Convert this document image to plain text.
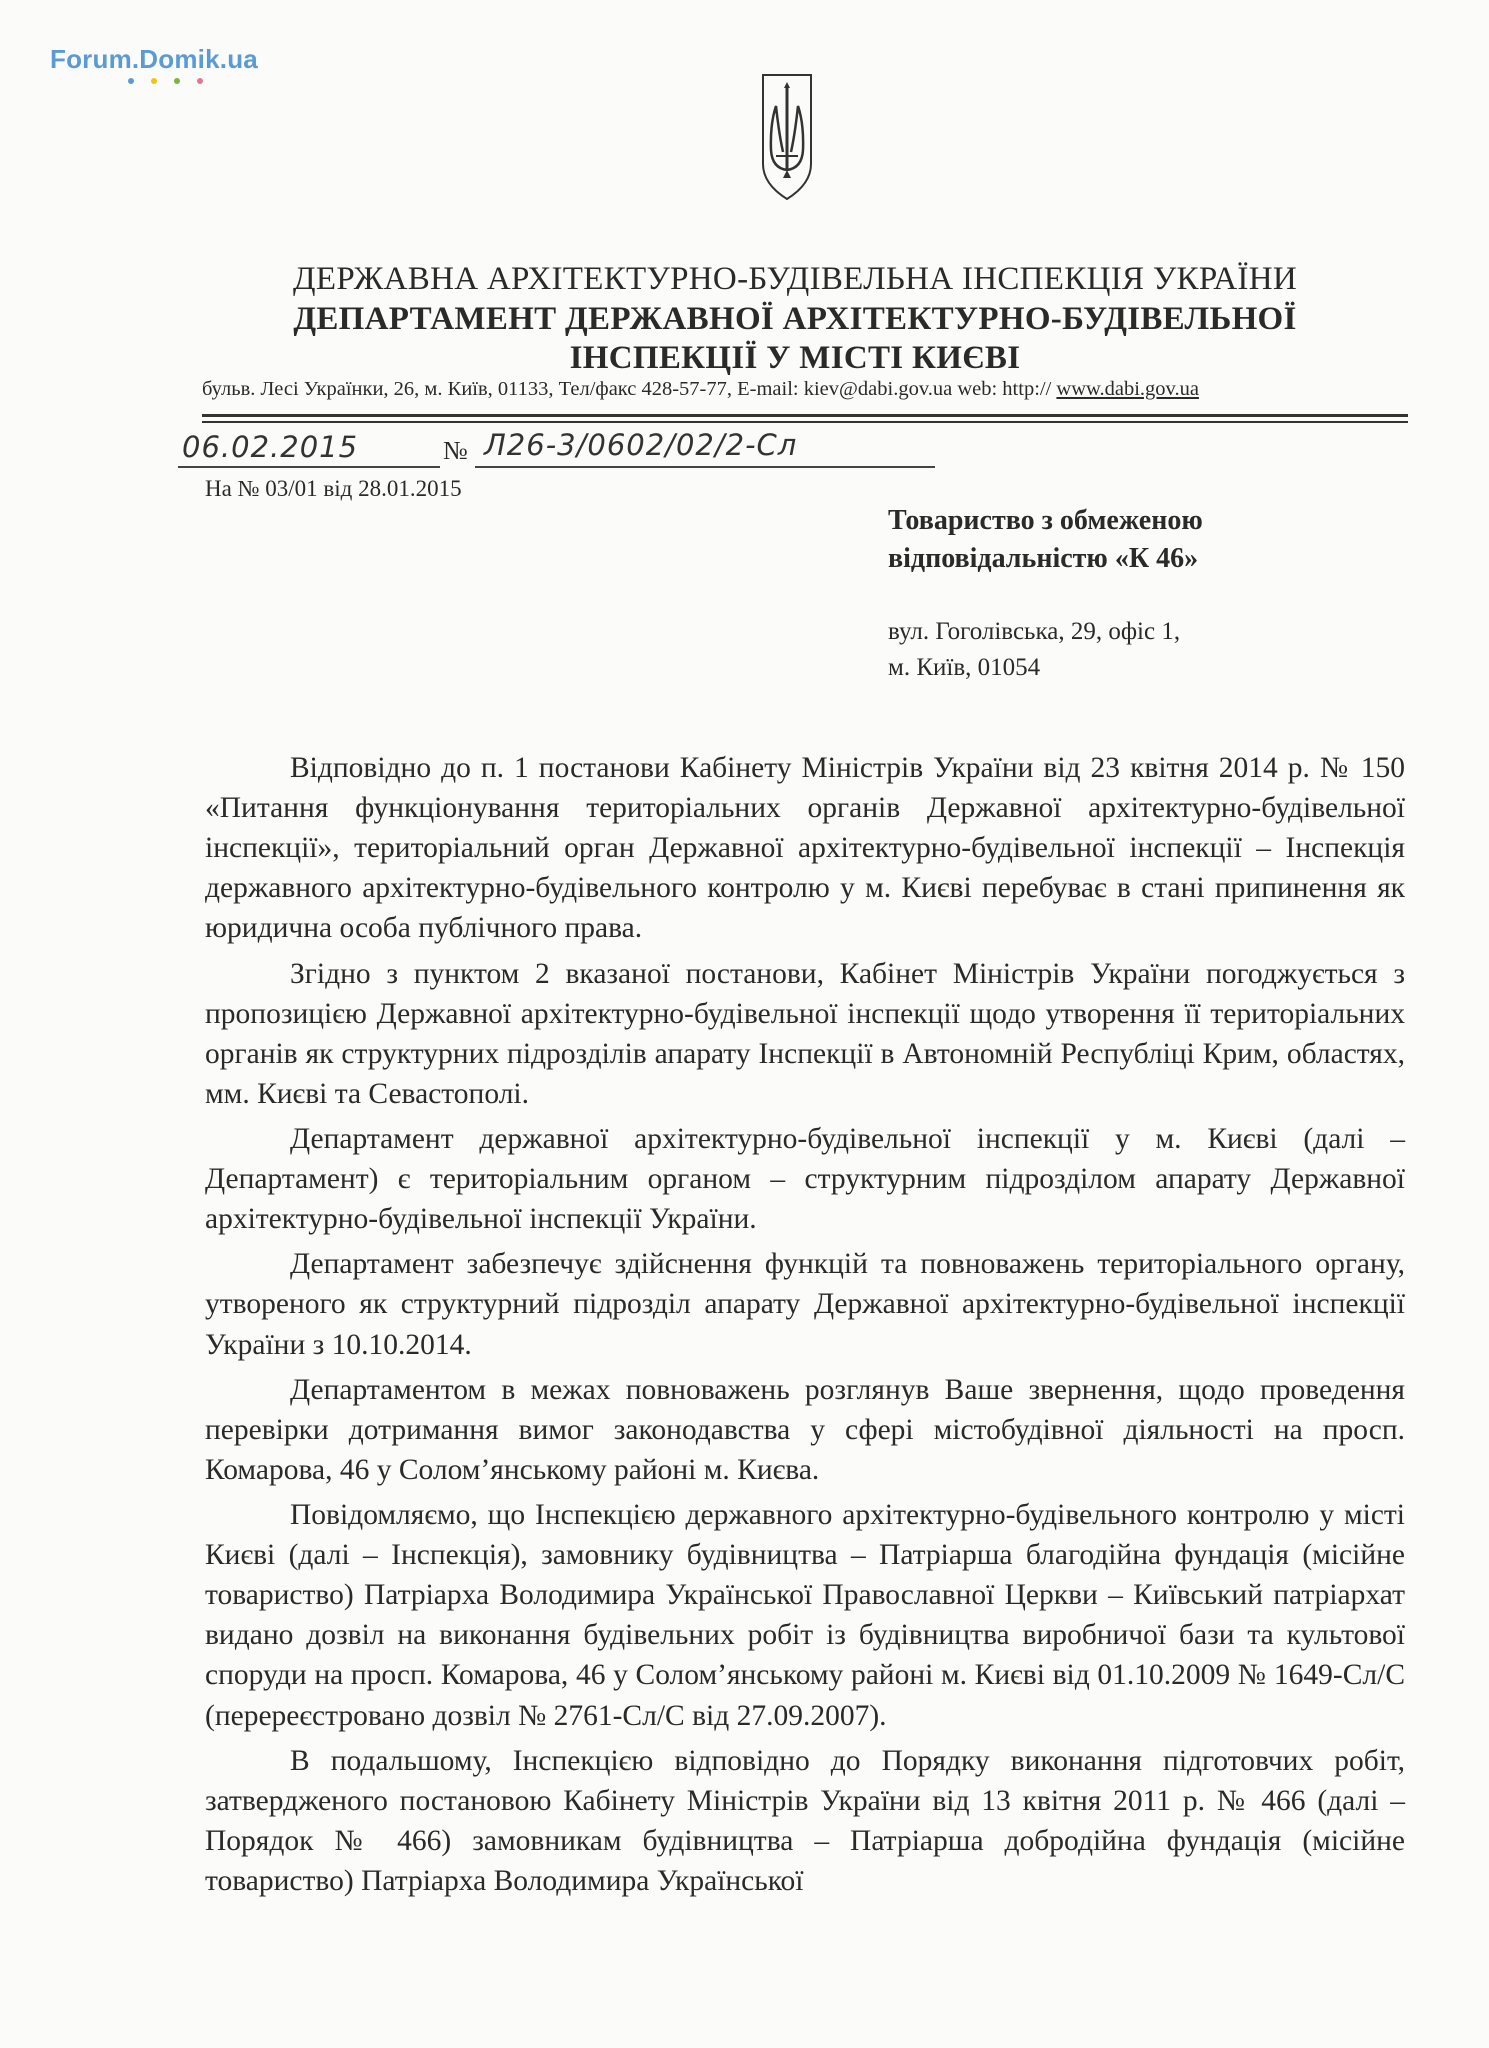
Forum.Domik.ua
ДЕРЖАВНА АРХІТЕКТУРНО-БУДІВЕЛЬНА ІНСПЕКЦІЯ УКРАЇНИ
ДЕПАРТАМЕНТ ДЕРЖАВНОЇ АРХІТЕКТУРНО-БУДІВЕЛЬНОЇ
ІНСПЕКЦІЇ У МІСТІ КИЄВІ
бульв. Лесі Українки, 26, м. Київ, 01133, Тел/факс 428-57-77, E-mail: kiev@dabi.gov.ua web: http:// www.dabi.gov.ua
06.02.2015	№ Л26-3/0602/02/2-Сл
На № 03/01 від 28.01.2015
Товариство з обмеженою
відповідальністю «К 46»
вул. Гоголівська, 29, офіс 1,
м. Київ, 01054

Відповідно до п. 1 постанови Кабінету Міністрів України від 23 квітня 2014 р. № 150 «Питання функціонування територіальних органів Державної архітектурно-будівельної інспекції», територіальний орган Державної архітектурно-будівельної інспекції – Інспекція державного архітектурно-будівельного контролю у м. Києві перебуває в стані припинення як юридична особа публічного права.

Згідно з пунктом 2 вказаної постанови, Кабінет Міністрів України погоджується з пропозицією Державної архітектурно-будівельної інспекції щодо утворення її територіальних органів як структурних підрозділів апарату Інспекції в Автономній Республіці Крим, областях, мм. Києві та Севастополі.

Департамент державної архітектурно-будівельної інспекції у м. Києві (далі – Департамент) є територіальним органом – структурним підрозділом апарату Державної архітектурно-будівельної інспекції України.

Департамент забезпечує здійснення функцій та повноважень територіального органу, утвореного як структурний підрозділ апарату Державної архітектурно-будівельної інспекції України з 10.10.2014.

Департаментом в межах повноважень розглянув Ваше звернення, щодо проведення перевірки дотримання вимог законодавства у сфері містобудівної діяльності на просп. Комарова, 46 у Солом’янському районі м. Києва.

Повідомляємо, що Інспекцією державного архітектурно-будівельного контролю у місті Києві (далі – Інспекція), замовнику будівництва – Патріарша благодійна фундація (місійне товариство) Патріарха Володимира Української Православної Церкви – Київський патріархат видано дозвіл на виконання будівельних робіт із будівництва виробничої бази та культової споруди на просп. Комарова, 46 у Солом’янському районі м. Києві від 01.10.2009 № 1649-Сл/С (перереєстровано дозвіл № 2761-Сл/С від 27.09.2007).

В подальшому, Інспекцією відповідно до Порядку виконання підготовчих робіт, затвердженого постановою Кабінету Міністрів України від 13 квітня 2011 р. № 466 (далі – Порядок № 466) замовникам будівництва – Патріарша добродійна фундація (місійне товариство) Патріарха Володимира Української
